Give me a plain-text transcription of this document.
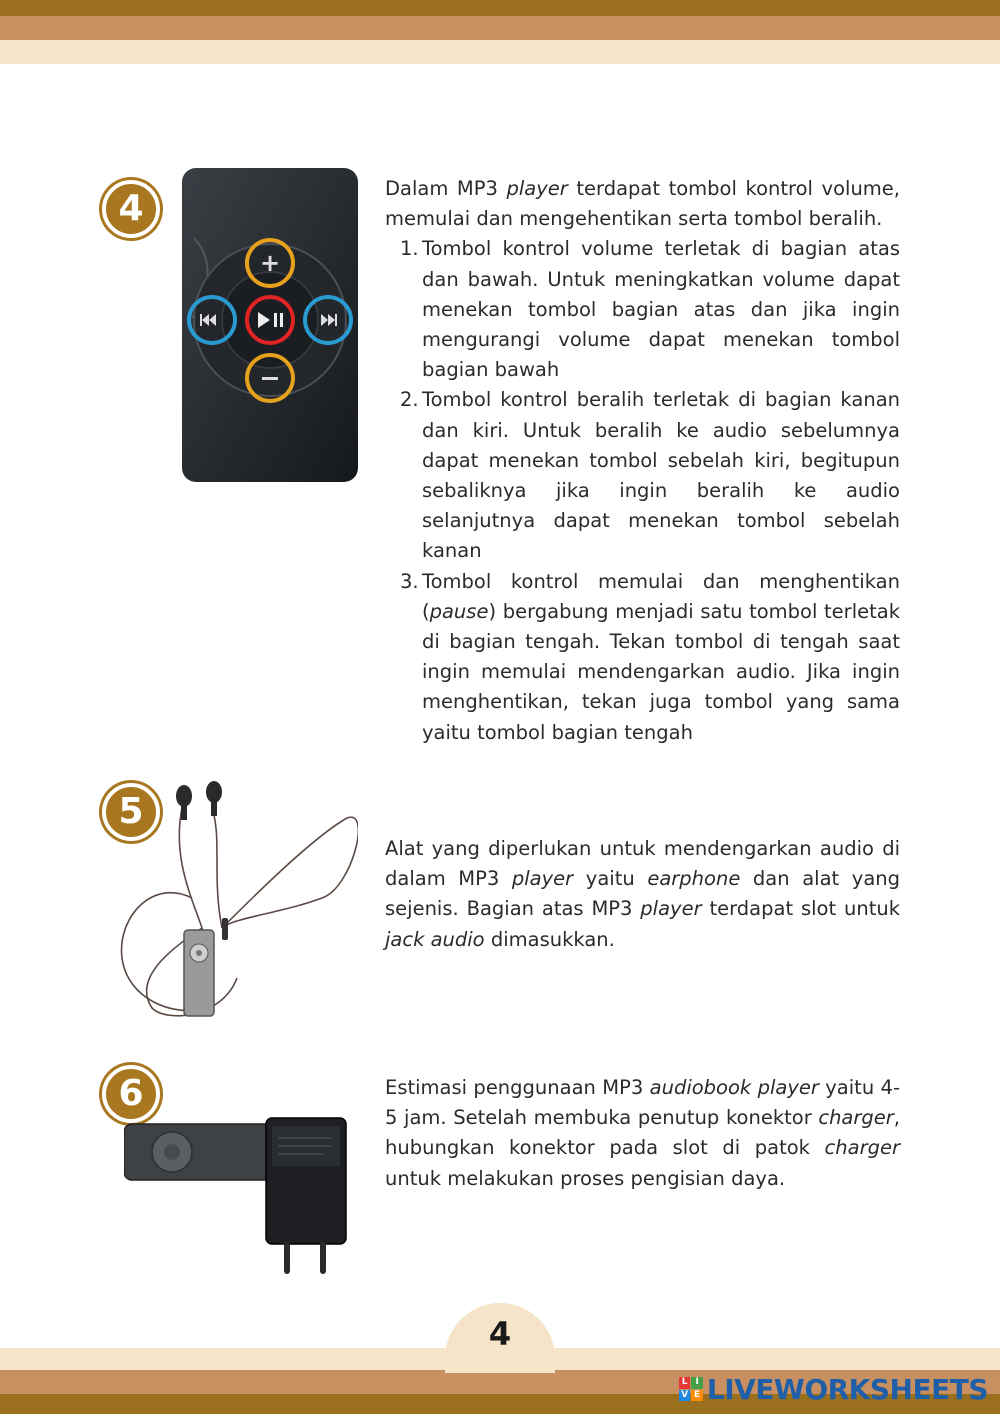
4
+

Dalam MP3 player terdapat tombol kontrol volume, memulai dan mengehentikan serta tombol beralih.

1. Tombol kontrol volume terletak di bagian atas dan bawah. Untuk meningkatkan volume dapat menekan tombol bagian atas dan jika ingin mengurangi volume dapat menekan tombol bagian bawah
2. Tombol kontrol beralih terletak di bagian kanan dan kiri. Untuk beralih ke audio sebelumnya dapat menekan tombol sebelah kiri, begitupun sebaliknya jika ingin beralih ke audio selanjutnya dapat menekan tombol sebelah kanan
3. Tombol kontrol memulai dan menghentikan (pause) bergabung menjadi satu tombol terletak di bagian tengah. Tekan tombol di tengah saat ingin memulai mendengarkan audio. Jika ingin menghentikan, tekan juga tombol yang sama yaitu tombol bagian tengah
5

Alat yang diperlukan untuk mendengarkan audio di dalam MP3 player yaitu earphone dan alat yang sejenis. Bagian atas MP3 player terdapat slot untuk jack audio dimasukkan.

6	Estimasi penggunaan MP3 audiobook player yaitu 4-5 jam. Setelah membuka penutup konektor charger, hubungkan konektor pada slot di patok charger untuk melakukan proses pengisian daya.

4
L I
V E LIVEWORKSHEETS
